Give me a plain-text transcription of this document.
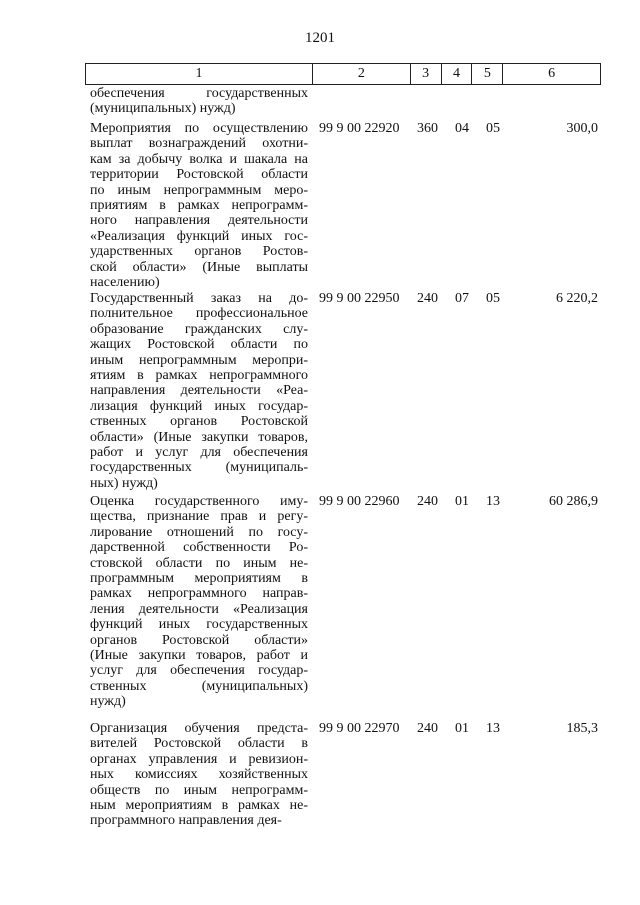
1201
1	2	3	4	5	6
обеспечения государственных
(муниципальных) нужд)
Мероприятия по осуществлению
выплат вознаграждений охотни-
кам за добычу волка и шакала на
территории Ростовской области
по иным непрограммным меро-
приятиям в рамках непрограмм-
ного направления деятельности
«Реализация функций иных гос-
ударственных органов Ростов-
ской области» (Иные выплаты
населению)
99 9 00 22920	360 04	05	300,0
Государственный заказ на до-
полнительное профессиональное
образование гражданских слу-
жащих Ростовской области по
иным непрограммным меропри-
ятиям в рамках непрограммного
направления деятельности «Реа-
лизация функций иных государ-
ственных органов Ростовской
области» (Иные закупки товаров,
работ и услуг для обеспечения
государственных (муниципаль-
ных) нужд)
99 9 00 22950	240 07	05	6 220,2
Оценка государственного иму-
щества, признание прав и регу-
лирование отношений по госу-
дарственной собственности Ро-
стовской области по иным не-
программным мероприятиям в
рамках непрограммного направ-
ления деятельности «Реализация
функций иных государственных
органов Ростовской области»
(Иные закупки товаров, работ и
услуг для обеспечения государ-
ственных (муниципальных)
нужд)
99 9 00 22960	240 01	13	60 286,9
Организация обучения предста-
вителей Ростовской области в
органах управления и ревизион-
ных комиссиях хозяйственных
обществ по иным непрограмм-
ным мероприятиям в рамках не-
программного направления дея-
99 9 00 22970	240 01	13	185,3
